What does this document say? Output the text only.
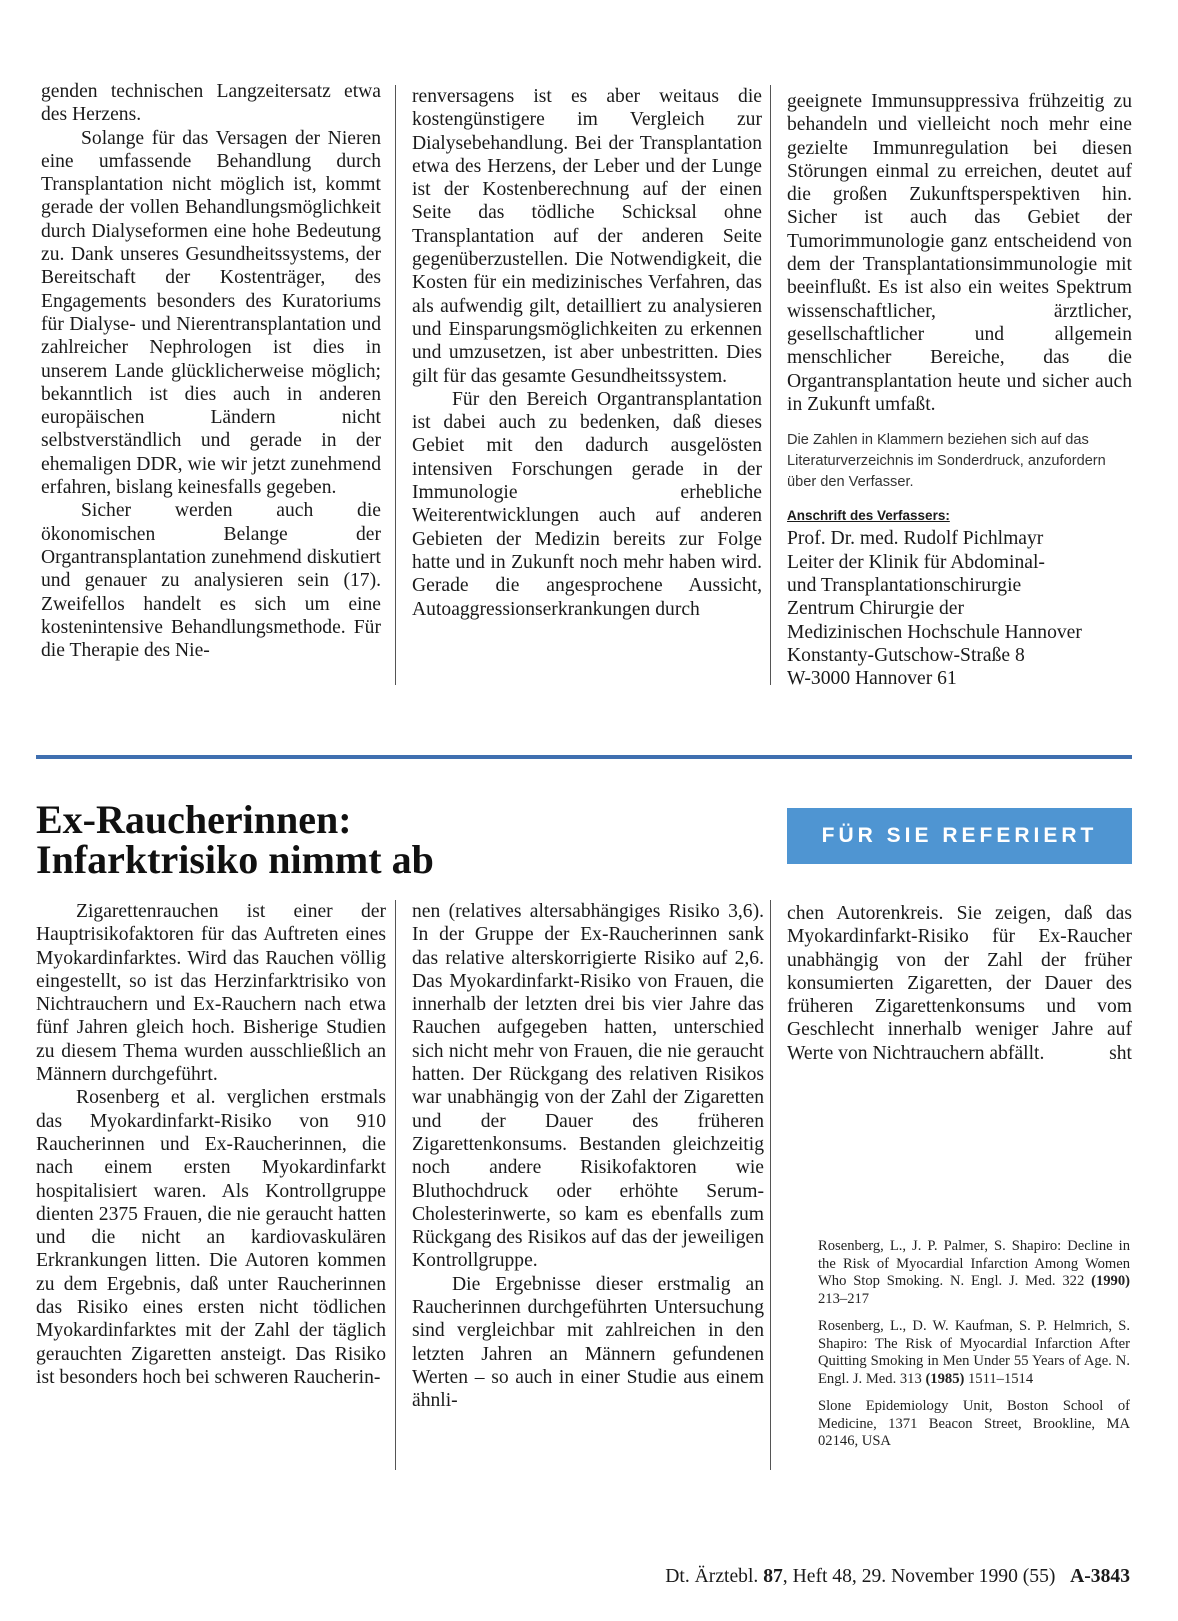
genden technischen Langzeitersatz etwa des Herzens.

Solange für das Versagen der Nieren eine umfassende Behandlung durch Transplantation nicht möglich ist, kommt gerade der vollen Behandlungsmöglichkeit durch Dialyseformen eine hohe Bedeutung zu. Dank unseres Gesundheitssystems, der Bereitschaft der Kostenträger, des Engagements besonders des Kuratoriums für Dialyse- und Nierentransplantation und zahlreicher Nephrologen ist dies in unserem Lande glücklicherweise möglich; bekanntlich ist dies auch in anderen europäischen Ländern nicht selbstverständlich und gerade in der ehemaligen DDR, wie wir jetzt zunehmend erfahren, bislang keinesfalls gegeben.

Sicher werden auch die ökonomischen Belange der Organtransplantation zunehmend diskutiert und genauer zu analysieren sein (17). Zweifellos handelt es sich um eine kostenintensive Behandlungsmethode. Für die Therapie des Nie-

renversagens ist es aber weitaus die kostengünstigere im Vergleich zur Dialysebehandlung. Bei der Transplantation etwa des Herzens, der Leber und der Lunge ist der Kostenberechnung auf der einen Seite das tödliche Schicksal ohne Transplantation auf der anderen Seite gegenüberzustellen. Die Notwendigkeit, die Kosten für ein medizinisches Verfahren, das als aufwendig gilt, detailliert zu analysieren und Einsparungsmöglichkeiten zu erkennen und umzusetzen, ist aber unbestritten. Dies gilt für das gesamte Gesundheitssystem.

Für den Bereich Organtransplantation ist dabei auch zu bedenken, daß dieses Gebiet mit den dadurch ausgelösten intensiven Forschungen gerade in der Immunologie erhebliche Weiterentwicklungen auch auf anderen Gebieten der Medizin bereits zur Folge hatte und in Zukunft noch mehr haben wird. Gerade die angesprochene Aussicht, Autoaggressionserkrankungen durch

geeignete Immunsuppressiva frühzeitig zu behandeln und vielleicht noch mehr eine gezielte Immunregulation bei diesen Störungen einmal zu erreichen, deutet auf die großen Zukunftsperspektiven hin. Sicher ist auch das Gebiet der Tumorimmunologie ganz entscheidend von dem der Transplantationsimmunologie mit beeinflußt. Es ist also ein weites Spektrum wissenschaftlicher, ärztlicher, gesellschaftlicher und allgemein menschlicher Bereiche, das die Organtransplantation heute und sicher auch in Zukunft umfaßt.

Die Zahlen in Klammern beziehen sich auf das Literaturverzeichnis im Sonderdruck, anzufordern über den Verfasser.

Anschrift des Verfassers:

Prof. Dr. med. Rudolf Pichlmayr
Leiter der Klinik für Abdominal-
und Transplantationschirurgie
Zentrum Chirurgie der
Medizinischen Hochschule Hannover
Konstanty-Gutschow-Straße 8
W-3000 Hannover 61
Ex-Raucherinnen:
Infarktrisiko nimmt ab
FÜR SIE REFERIERT

Zigarettenrauchen ist einer der Hauptrisikofaktoren für das Auftreten eines Myokardinfarktes. Wird das Rauchen völlig eingestellt, so ist das Herzinfarktrisiko von Nichtrauchern und Ex-Rauchern nach etwa fünf Jahren gleich hoch. Bisherige Studien zu diesem Thema wurden ausschließlich an Männern durchgeführt.

Rosenberg et al. verglichen erstmals das Myokardinfarkt-Risiko von 910 Raucherinnen und Ex-Raucherinnen, die nach einem ersten Myokardinfarkt hospitalisiert waren. Als Kontrollgruppe dienten 2375 Frauen, die nie geraucht hatten und die nicht an kardiovaskulären Erkrankungen litten. Die Autoren kommen zu dem Ergebnis, daß unter Raucherinnen das Risiko eines ersten nicht tödlichen Myokardinfarktes mit der Zahl der täglich gerauchten Zigaretten ansteigt. Das Risiko ist besonders hoch bei schweren Raucherin-

nen (relatives altersabhängiges Risiko 3,6). In der Gruppe der Ex-Raucherinnen sank das relative alterskorrigierte Risiko auf 2,6. Das Myokardinfarkt-Risiko von Frauen, die innerhalb der letzten drei bis vier Jahre das Rauchen aufgegeben hatten, unterschied sich nicht mehr von Frauen, die nie geraucht hatten. Der Rückgang des relativen Risikos war unabhängig von der Zahl der Zigaretten und der Dauer des früheren Zigarettenkonsums. Bestanden gleichzeitig noch andere Risikofaktoren wie Bluthochdruck oder erhöhte Serum-Cholesterinwerte, so kam es ebenfalls zum Rückgang des Risikos auf das der jeweiligen Kontrollgruppe.

Die Ergebnisse dieser erstmalig an Raucherinnen durchgeführten Untersuchung sind vergleichbar mit zahlreichen in den letzten Jahren an Männern gefundenen Werten – so auch in einer Studie aus einem ähnli-

chen Autorenkreis. Sie zeigen, daß das Myokardinfarkt-Risiko für Ex-Raucher unabhängig von der Zahl der früher konsumierten Zigaretten, der Dauer des früheren Zigarettenkonsums und vom Geschlecht innerhalb weniger Jahre auf Werte von Nichtrauchern abfällt.	sht

Rosenberg, L., J. P. Palmer, S. Shapiro: Decline in the Risk of Myocardial Infarction Among Women Who Stop Smoking. N. Engl. J. Med. 322 (1990) 213–217

Rosenberg, L., D. W. Kaufman, S. P. Helmrich, S. Shapiro: The Risk of Myocardial Infarction After Quitting Smoking in Men Under 55 Years of Age. N. Engl. J. Med. 313 (1985) 1511–1514

Slone Epidemiology Unit, Boston School of Medicine, 1371 Beacon Street, Brookline, MA 02146, USA

Dt. Ärztebl. 87, Heft 48, 29. November 1990 (55) A-3843
